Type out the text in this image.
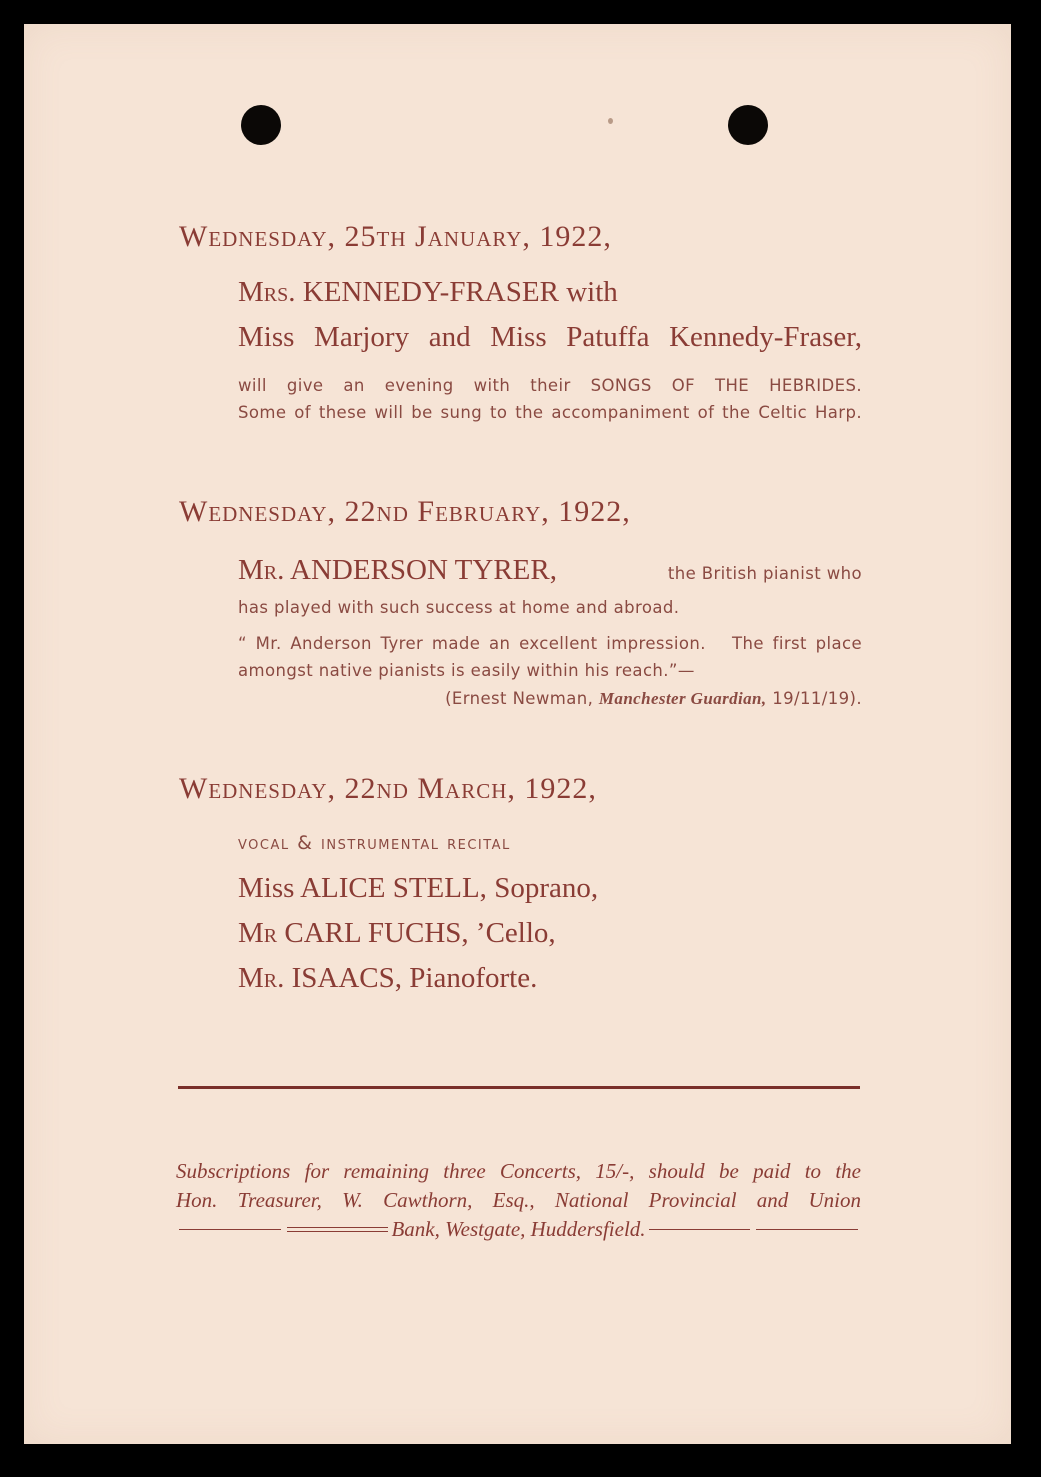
Wednesday, 25th January, 1922,
Mrs. KENNEDY-FRASER with
Miss Marjory and Miss Patuffa Kennedy-Fraser,
will give an evening with their SONGS OF THE HEBRIDES.
Some of these will be sung to the accompaniment of the Celtic Harp.
Wednesday, 22nd February, 1922,
Mr. ANDERSON TYRER,	the British pianist who
has played with such success at home and abroad.
“ Mr. Anderson Tyrer made an excellent impression.   The first place
amongst native pianists is easily within his reach.”—
(Ernest Newman, Manchester Guardian, 19/11/19).
Wednesday, 22nd March, 1922,
vocal & instrumental recital
Miss ALICE STELL, Soprano,
Mr CARL FUCHS, ’Cello,
Mr. ISAACS, Pianoforte.
Subscriptions for remaining three Concerts, 15/-, should be paid to the
Hon. Treasurer, W. Cawthorn, Esq., National Provincial and Union
Bank, Westgate, Huddersfield.
